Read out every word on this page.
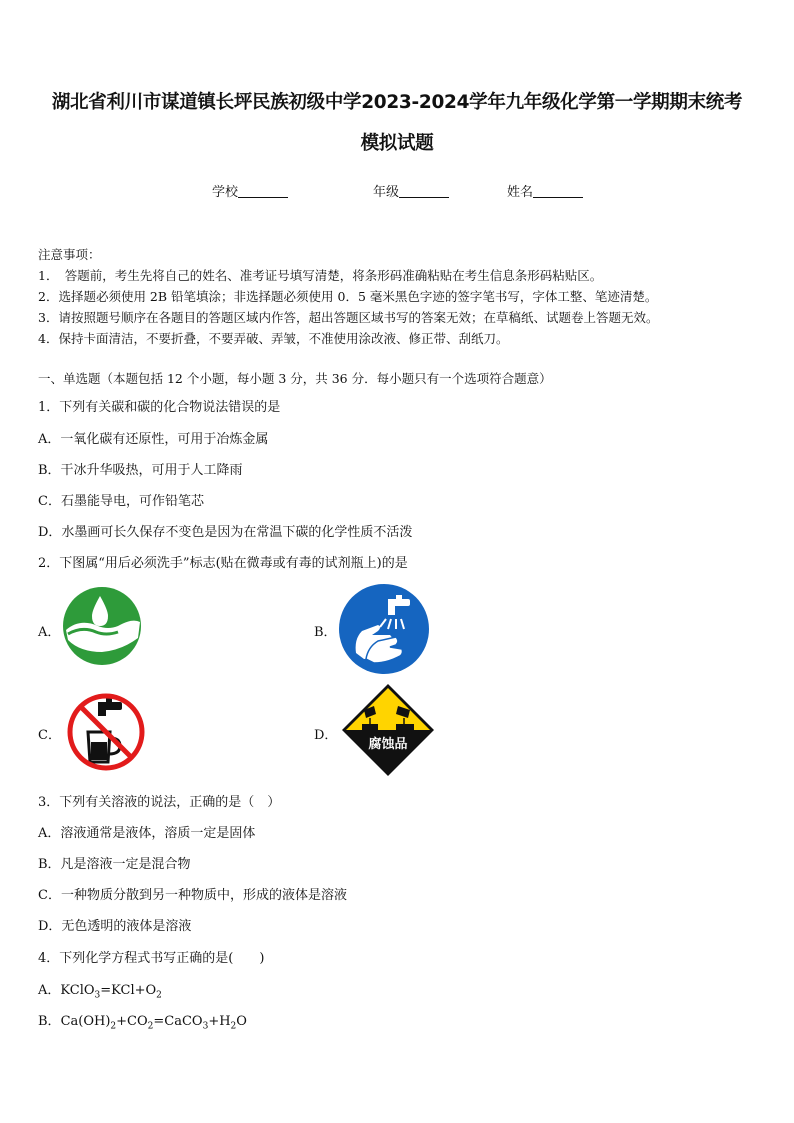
湖北省利川市谋道镇长坪民族初级中学2023-2024学年九年级化学第一学期期末统考
模拟试题
学校	年级	姓名
注意事项：
1．　答题前，考生先将自己的姓名、准考证号填写清楚，将条形码准确粘贴在考生信息条形码粘贴区。
2．选择题必须使用 2B 铅笔填涂；非选择题必须使用 0．5 毫米黑色字迹的签字笔书写，字体工整、笔迹清楚。
3．请按照题号顺序在各题目的答题区域内作答，超出答题区域书写的答案无效；在草稿纸、试题卷上答题无效。
4．保持卡面清洁，不要折叠，不要弄破、弄皱，不准使用涂改液、修正带、刮纸刀。
一、单选题（本题包括 12 个小题，每小题 3 分，共 36 分．每小题只有一个选项符合题意）
1．下列有关碳和碳的化合物说法错误的是
A．一氧化碳有还原性，可用于冶炼金属
B．干冰升华吸热，可用于人工降雨
C．石墨能导电，可作铅笔芯
D．水墨画可长久保存不变色是因为在常温下碳的化学性质不活泼
2．下图属“用后必须洗手”标志(贴在微毒或有毒的试剂瓶上)的是
A．	B．
C．	D．
腐蚀品
3．下列有关溶液的说法，正确的是（　）
A．溶液通常是液体，溶质一定是固体
B．凡是溶液一定是混合物
C．一种物质分散到另一种物质中，形成的液体是溶液
D．无色透明的液体是溶液
4．下列化学方程式书写正确的是(　　)
A．$KClO_3=KCl+O_2$
B．$Ca(OH)_2+CO_2=CaCO_3+H_2O$
